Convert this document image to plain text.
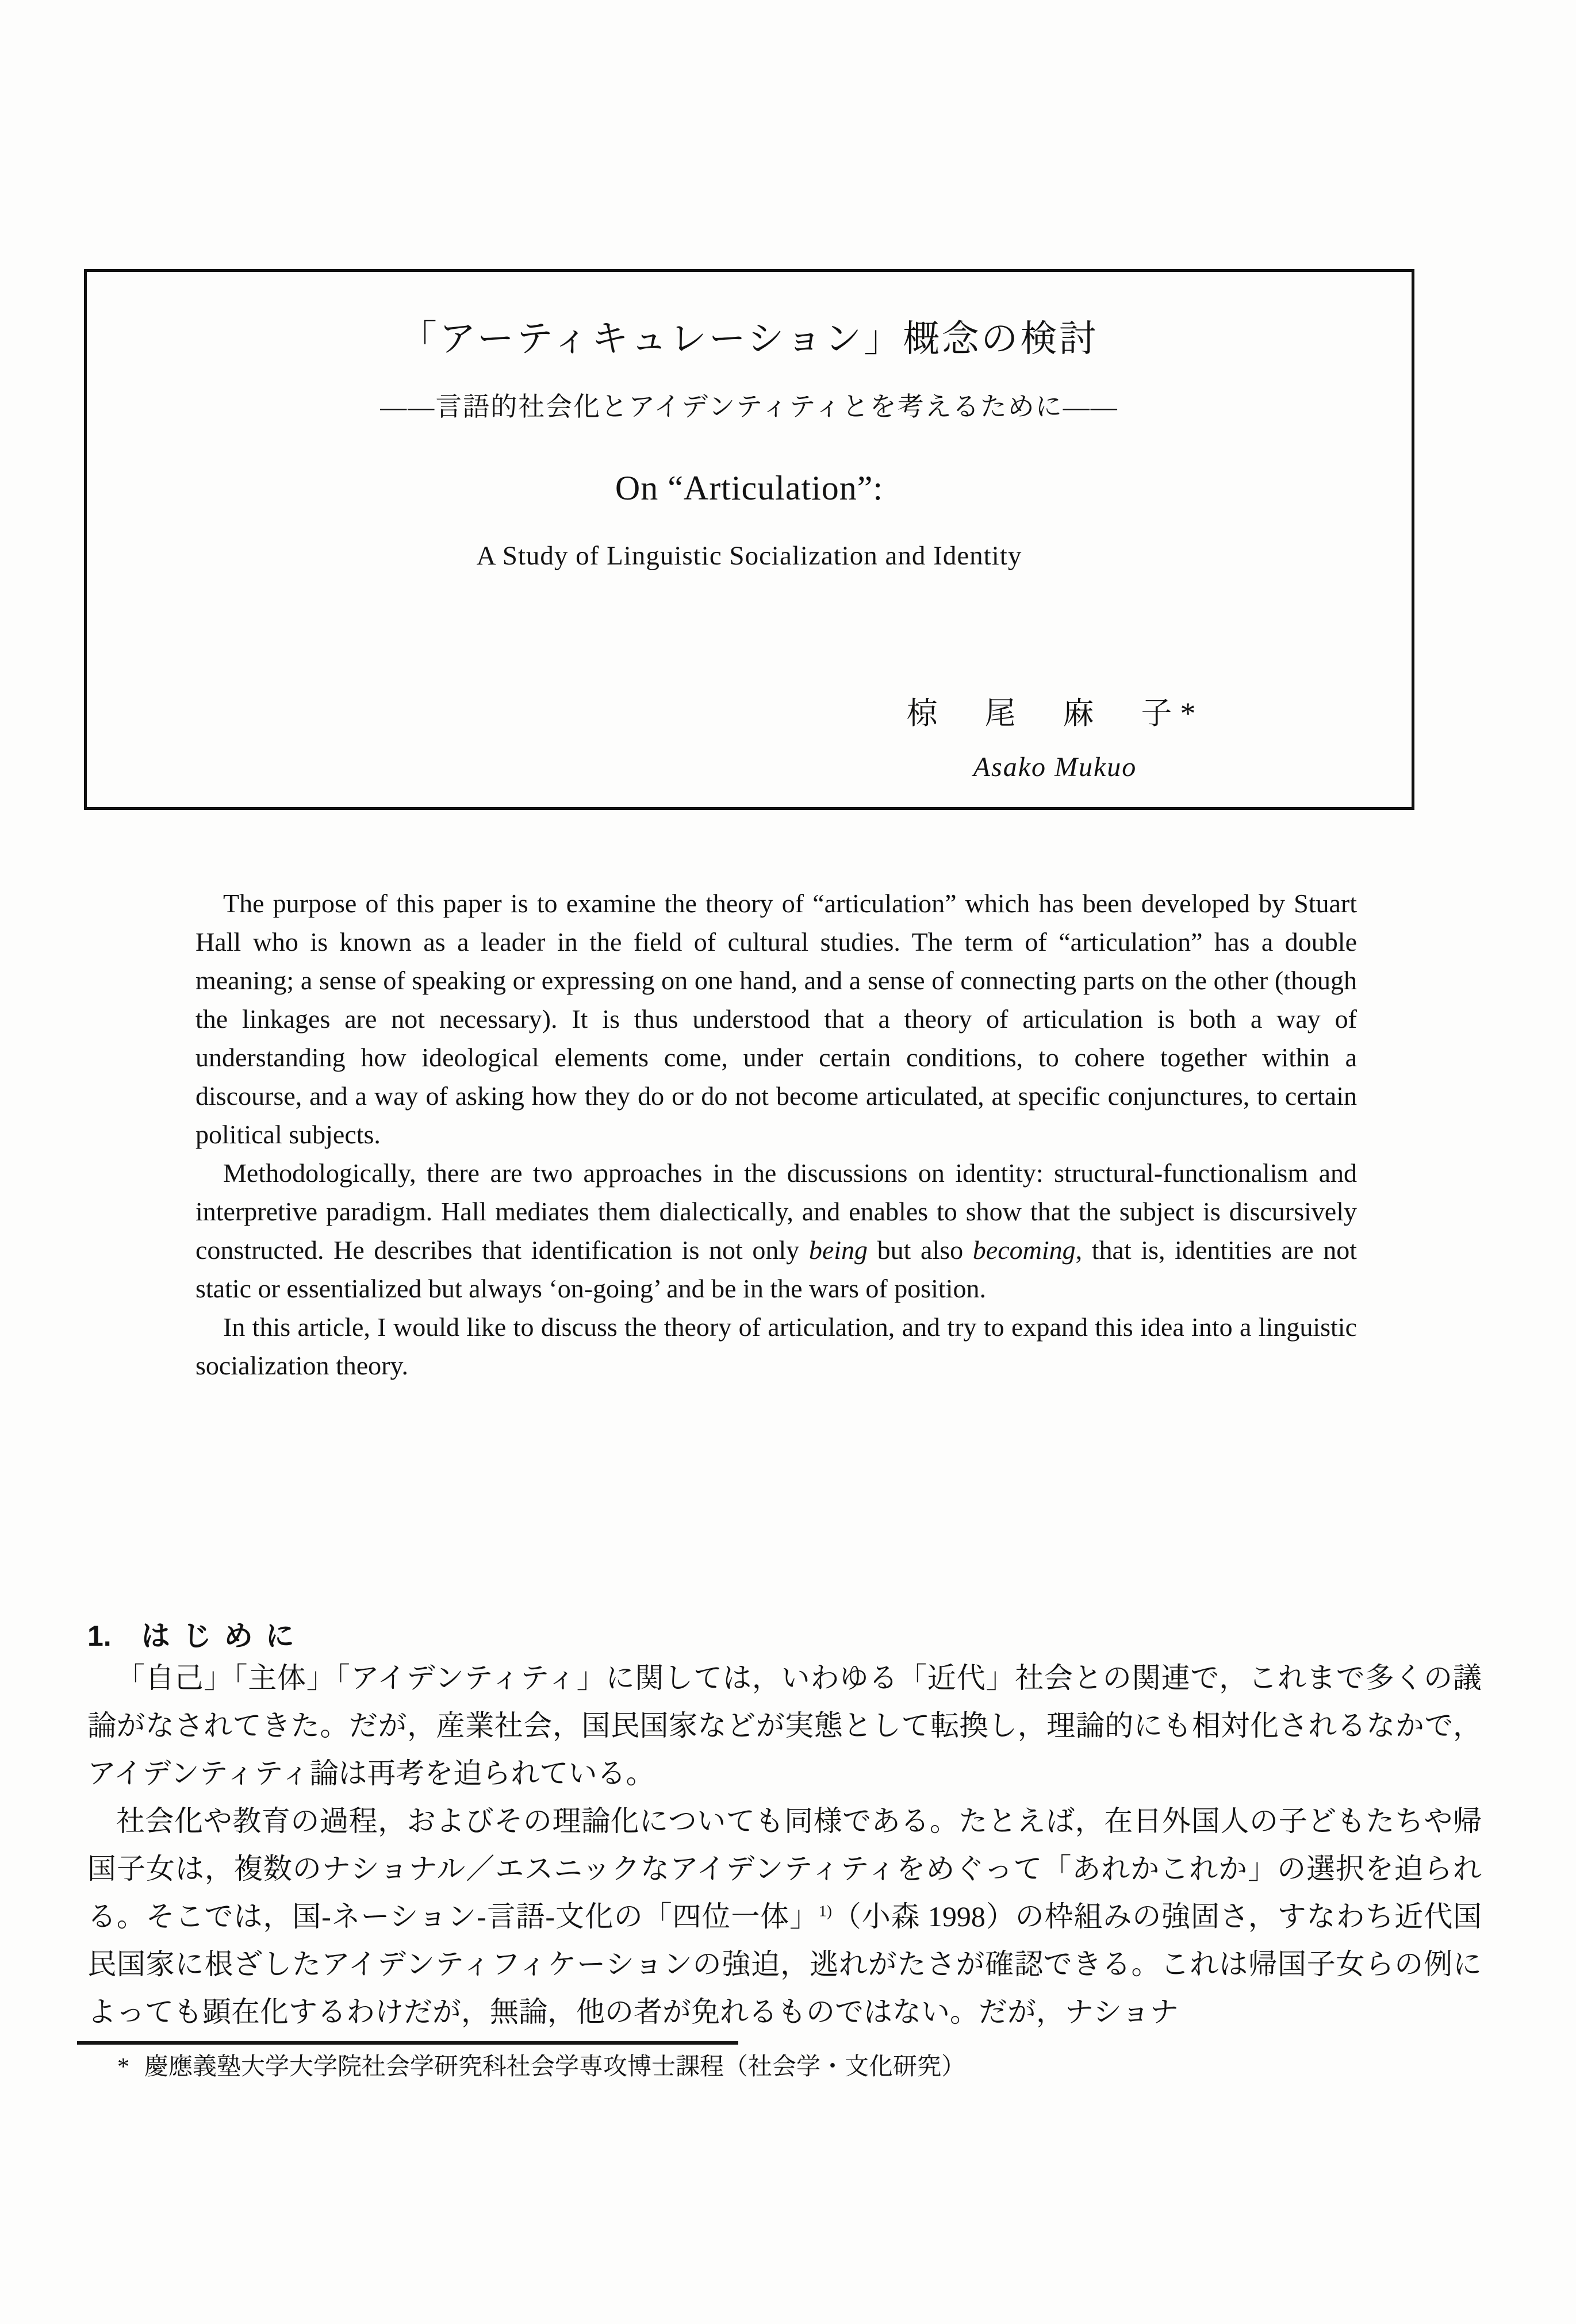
「アーティキュレーション」概念の検討
——言語的社会化とアイデンティティとを考えるために——
On “Articulation”:
A Study of Linguistic Socialization and Identity
椋　尾　麻　子*
Asako Mukuo

The purpose of this paper is to examine the theory of “articulation” which has been developed by Stuart Hall who is known as a leader in the field of cultural studies. The term of “articulation” has a double meaning; a sense of speaking or expressing on one hand, and a sense of connecting parts on the other (though the linkages are not necessary). It is thus understood that a theory of articulation is both a way of understanding how ideological elements come, under certain conditions, to cohere together within a discourse, and a way of asking how they do or do not become articulated, at specific conjunctures, to certain political subjects.

Methodologically, there are two approaches in the discussions on identity: structural-functionalism and interpretive paradigm. Hall mediates them dialectically, and enables to show that the subject is discursively constructed. He describes that identification is not only being but also becoming, that is, identities are not static or essentialized but always ‘on-going’ and be in the wars of position.

In this article, I would like to discuss the theory of articulation, and try to expand this idea into a linguistic socialization theory.

1. はじめに

「自己」「主体」「アイデンティティ」に関しては，いわゆる「近代」社会との関連で，これまで多くの議論がなされてきた。だが，産業社会，国民国家などが実態として転換し，理論的にも相対化されるなかで，アイデンティティ論は再考を迫られている。

社会化や教育の過程，およびその理論化についても同様である。たとえば，在日外国人の子どもたちや帰国子女は，複数のナショナル／エスニックなアイデンティティをめぐって「あれかこれか」の選択を迫られる。そこでは，国-ネーション-言語-文化の「四位一体」$^{1)}$（小森 1998）の枠組みの強固さ，すなわち近代国民国家に根ざしたアイデンティフィケーションの強迫，逃れがたさが確認できる。これは帰国子女らの例によっても顕在化するわけだが，無論，他の者が免れるものではない。だが，ナショナ

* 慶應義塾大学大学院社会学研究科社会学専攻博士課程（社会学・文化研究）
